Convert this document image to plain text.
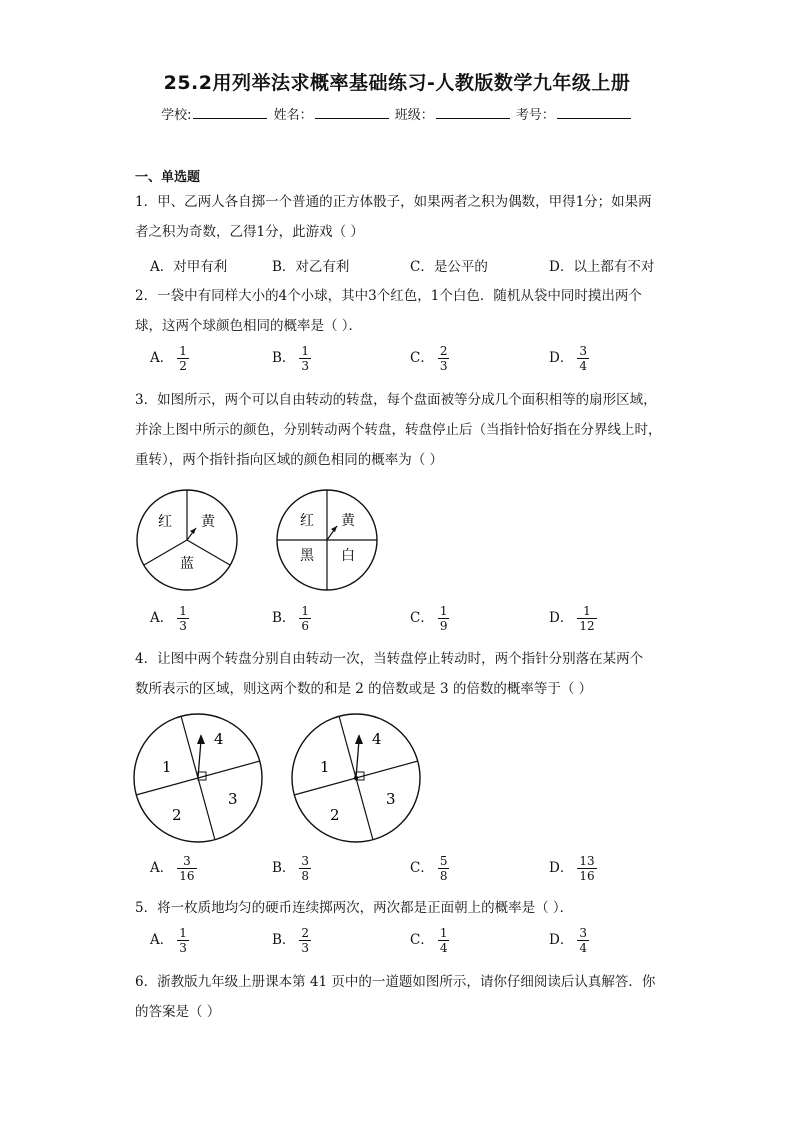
25.2用列举法求概率基础练习-人教版数学九年级上册
学校:	姓名：	班级：	考号：
一、单选题
1．甲、乙两人各自掷一个普通的正方体骰子，如果两者之积为偶数，甲得1分；如果两
者之积为奇数，乙得1分，此游戏（ ）
A．对甲有利	B．对乙有利	C．是公平的	D．以上都有不对
2．一袋中有同样大小的4个小球，其中3个红色，1个白色．随机从袋中同时摸出两个
球，这两个球颜色相同的概率是（ ）．
A． $\frac{1}{2}$	B． $\frac{1}{3}$	C． $\frac{2}{3}$	D． $\frac{3}{4}$
3．如图所示，两个可以自由转动的转盘，每个盘面被等分成几个面积相等的扇形区域，
并涂上图中所示的颜色，分别转动两个转盘，转盘停止后（当指针恰好指在分界线上时，
重转），两个指针指向区域的颜色相同的概率为（ ）
红 黄
蓝
红 黄
黑 白
A． $\frac{1}{3}$	B． $\frac{1}{6}$	C． $\frac{1}{9}$	D． $\frac{1}{12}$
4．让图中两个转盘分别自由转动一次，当转盘停止转动时，两个指针分别落在某两个
数所表示的区域，则这两个数的和是 2 的倍数或是 3 的倍数的概率等于（ ）
1
2
3
4
1
2
3
4
A． $\frac{3}{16}$	B． $\frac{3}{8}$	C． $\frac{5}{8}$	D． $\frac{13}{16}$
5．将一枚质地均匀的硬币连续掷两次，两次都是正面朝上的概率是（ ）．
A． $\frac{1}{3}$	B． $\frac{2}{3}$	C． $\frac{1}{4}$	D． $\frac{3}{4}$
6．浙教版九年级上册课本第 41 页中的一道题如图所示，请你仔细阅读后认真解答．你
的答案是（ ）
